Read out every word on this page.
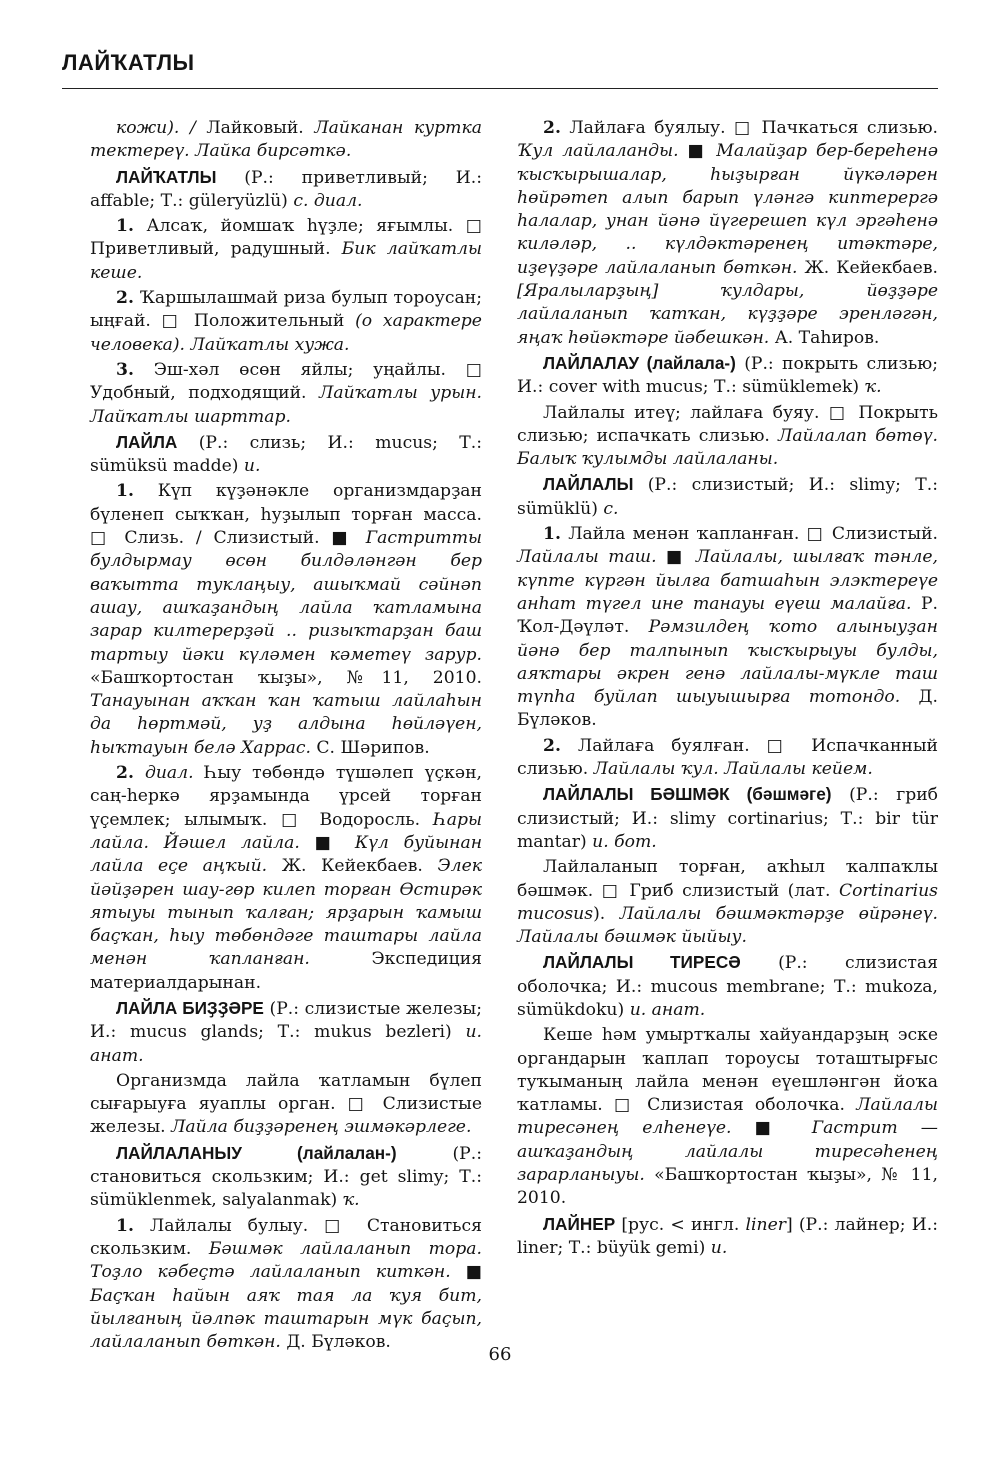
ЛАЙҠАТЛЫ

кожи). / Лайковый. Лайканан куртка тектереү. Лайка бирсәткә.

ЛАЙҠАТЛЫ (Р.: приветливый; И.: affable; Т.: güleryüzlü) с. диал.

1. Алсаҡ, йомшаҡ һүҙле; яғымлы. □ Приветливый, радушный. Бик лайҡатлы кеше.

2. Ҡаршылашмай риза булып тороусан; ыңғай. □ Положительный (о характере человека). Лайҡатлы хужа.

3. Эш-хәл өсөн яйлы; уңайлы. □ Удобный, подходящий. Лайҡатлы урын. Лайҡатлы шарттар.

ЛАЙЛА (Р.: слизь; И.: mucus; Т.: sümüksü madde) и.

1. Күп күҙәнәкле организмдарҙан бүленеп сыҡҡан, һуҙылып торған масса. □ Слизь. / Слизистый. ■ Гастритты булдырмау өсөн билдәләнгән бер ваҡытта туклаңыу, ашыҡмай сәйнәп ашау, ашҡаҙандың лайла ҡатламына зарар килтерерҙәй .. ризыҡтарҙан баш тартыу йәки күләмен кәметеү зарур. «Башҡортостан ҡыҙы», №11, 2010. Танауынан аҡҡан ҡан ҡатыш лайлаһын да һөртмәй, уҙ алдына һөйләүен, һыҡтауын белә Харрас. С. Шәрипов.

2. диал. Һыу төбөндә түшәлеп үҫкән, саң-һеркә ярҙамында үрсей торған үҫемлек; ылымыҡ. □ Водоросль. Һары лайла. Йәшел лайла. ■ Күл буйынан лайла еҫе аңҡый. Ж. Кейекбаев. Элек йәйҙәрен шау-гөр килеп торған Өстирәк ятыуы тынып ҡалған; ярҙарын ҡамыш баҫҡан, һыу төбөндәге таштары лайла менән ҡапланған. Экспедиция материалдарынан.

ЛАЙЛА БИҘҘӘРЕ (Р.: слизистые железы; И.: mucus glands; Т.: mukus bezleri) и. анат.

Организмда лайла ҡатламын бүлеп сығарыуға яуаплы орган. □ Слизистые железы. Лайла биҙҙәренең эшмәкәрлеге.

ЛАЙЛАЛАНЫУ (лайлалан-) (Р.: становиться скользким; И.: get slimy; Т.: sümüklenmek, salyalanmak) ҡ.

1. Лайлалы булыу. □ Становиться скользким. Бәшмәк лайлаланып тора. Тоҙло кәбеҫтә лайлаланып киткән. ■ Баҫҡан һайын аяҡ тая ла ҡуя бит, йылғаның йәлпәк таштарын мүк баҫып, лайлаланып бөткән. Д. Бүләков.

2. Лайлаға буялыу. □ Пачкаться слизью. Ҡул лайлаланды. ■ Малайҙар бер-береһенә ҡысҡырышалар, һыҙырған йүкәләрен һөйрәтеп алып барып үләнгә киптерергә һалалар, унан йәнә йүгерешеп күл эргәһенә киләләр, .. күлдәктәренең итәктәре, иҙеүҙәре лайлаланып бөткән. Ж. Кейекбаев. [Яралыларҙың] ҡулдары, йөҙҙәре лайлаланып ҡатҡан, күҙҙәре эренләгән, яңаҡ һөйәктәре йәбешкән. А. Таһиров.

ЛАЙЛАЛАУ (лайлала-) (Р.: покрыть слизью; И.: cover with mucus; Т.: sümüklemek) ҡ.

Лайлалы итеү; лайлаға буяу. □ Покрыть слизью; испачкать слизью. Лайлалап бөтөү. Балыҡ ҡулымды лайлаланы.

ЛАЙЛАЛЫ (Р.: слизистый; И.: slimy; Т.: sümüklü) с.

1. Лайла менән ҡапланған. □ Слизистый. Лайлалы таш. ■ Лайлалы, шылғаҡ тәнле, күпте күргән йылға батшаһын элэктереүе анһат түгел ине танауы еүеш малайға. Р. Ҡол-Дәүләт. Рәмзилдең ҡото алыныуҙан йәнә бер талпынып ҡысҡырыуы булды, аяҡтары әкрен генә лайлалы-мүкле таш түпһа буйлап шыуышырға тотондо. Д. Бүләков.

2. Лайлаға буялған. □ Испачканный слизью. Лайлалы ҡул. Лайлалы кейем.

ЛАЙЛАЛЫ БӘШМӘК (бәшмәге) (Р.: гриб слизистый; И.: slimy cortinarius; Т.: bir tür mantar) и. бот.

Лайлаланып торған, аҡһыл ҡалпаҡлы бәшмәк. □ Гриб слизистый (лат. Cortinarius mucosus). Лайлалы бәшмәктәрҙе өйрәнеү. Лайлалы бәшмәк йыйыу.

ЛАЙЛАЛЫ ТИРЕСӘ (Р.: слизистая оболочка; И.: mucous membrane; Т.: mukoza, sümükdoku) и. анат.

Кеше һәм умыртҡалы хайуандарҙың эске органдарын ҡаплап тороусы тоташтырғыс туҡыманың лайла менән еүешләнгән йоҡа ҡатламы. □ Слизистая оболочка. Лайлалы тиресәнең елһенеүе. ■ Гастрит — ашҡаҙандың лайлалы тиресәһенең зарарланыуы. «Башҡортостан ҡыҙы», № 11, 2010.

ЛАЙНЕР [рус. < ингл. liner] (Р.: лайнер; И.: liner; Т.: büyük gemi) и.

66
